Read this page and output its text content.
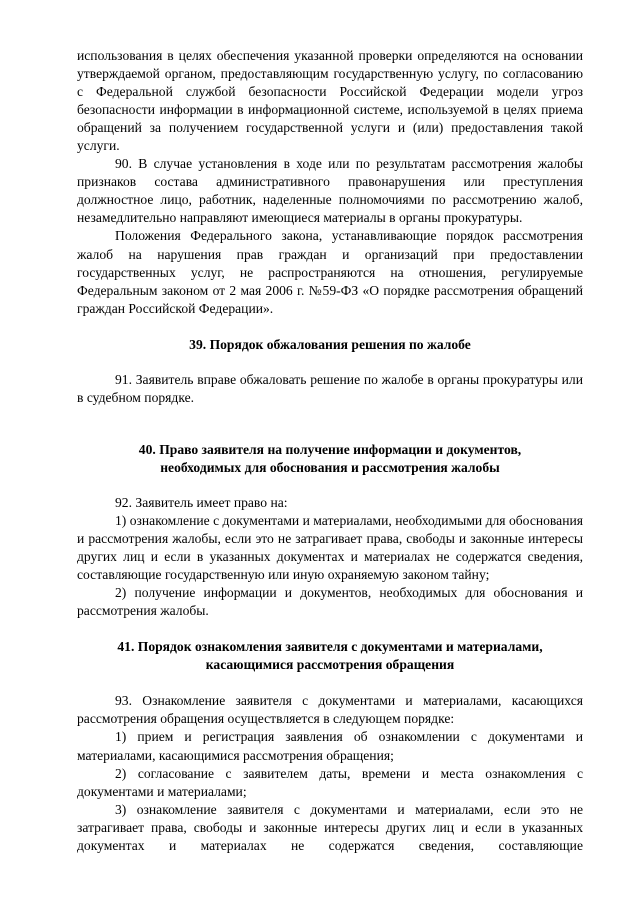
использования в целях обеспечения указанной проверки определяются на основании утверждаемой органом, предоставляющим государственную услугу, по согласованию с Федеральной службой безопасности Российской Федерации модели угроз безопасности информации в информационной системе, используемой в целях приема обращений за получением государственной услуги и (или) предоставления такой услуги.

90. В случае установления в ходе или по результатам рассмотрения жалобы признаков состава административного правонарушения или преступления должностное лицо, работник, наделенные полномочиями по рассмотрению жалоб, незамедлительно направляют имеющиеся материалы в органы прокуратуры.

Положения Федерального закона, устанавливающие порядок рассмотрения жалоб на нарушения прав граждан и организаций при предоставлении государственных услуг, не распространяются на отношения, регулируемые Федеральным законом от 2 мая 2006 г. №59-ФЗ «О порядке рассмотрения обращений граждан Российской Федерации».

39. Порядок обжалования решения по жалобе

91. Заявитель вправе обжаловать решение по жалобе в органы прокуратуры или в судебном порядке.

40. Право заявителя на получение информации и документов,
необходимых для обоснования и рассмотрения жалобы

92. Заявитель имеет право на:

1) ознакомление с документами и материалами, необходимыми для обоснования и рассмотрения жалобы, если это не затрагивает права, свободы и законные интересы других лиц и если в указанных документах и материалах не содержатся сведения, составляющие государственную или иную охраняемую законом тайну;

2) получение информации и документов, необходимых для обоснования и рассмотрения жалобы.

41. Порядок ознакомления заявителя с документами и материалами,
касающимися рассмотрения обращения

93. Ознакомление заявителя с документами и материалами, касающихся рассмотрения обращения осуществляется в следующем порядке:

1) прием и регистрация заявления об ознакомлении с документами и материалами, касающимися рассмотрения обращения;

2) согласование с заявителем даты, времени и места ознакомления с документами и материалами;

3) ознакомление заявителя с документами и материалами, если это не затрагивает права, свободы и законные интересы других лиц и если в указанных документах и материалах не содержатся сведения, составляющие
